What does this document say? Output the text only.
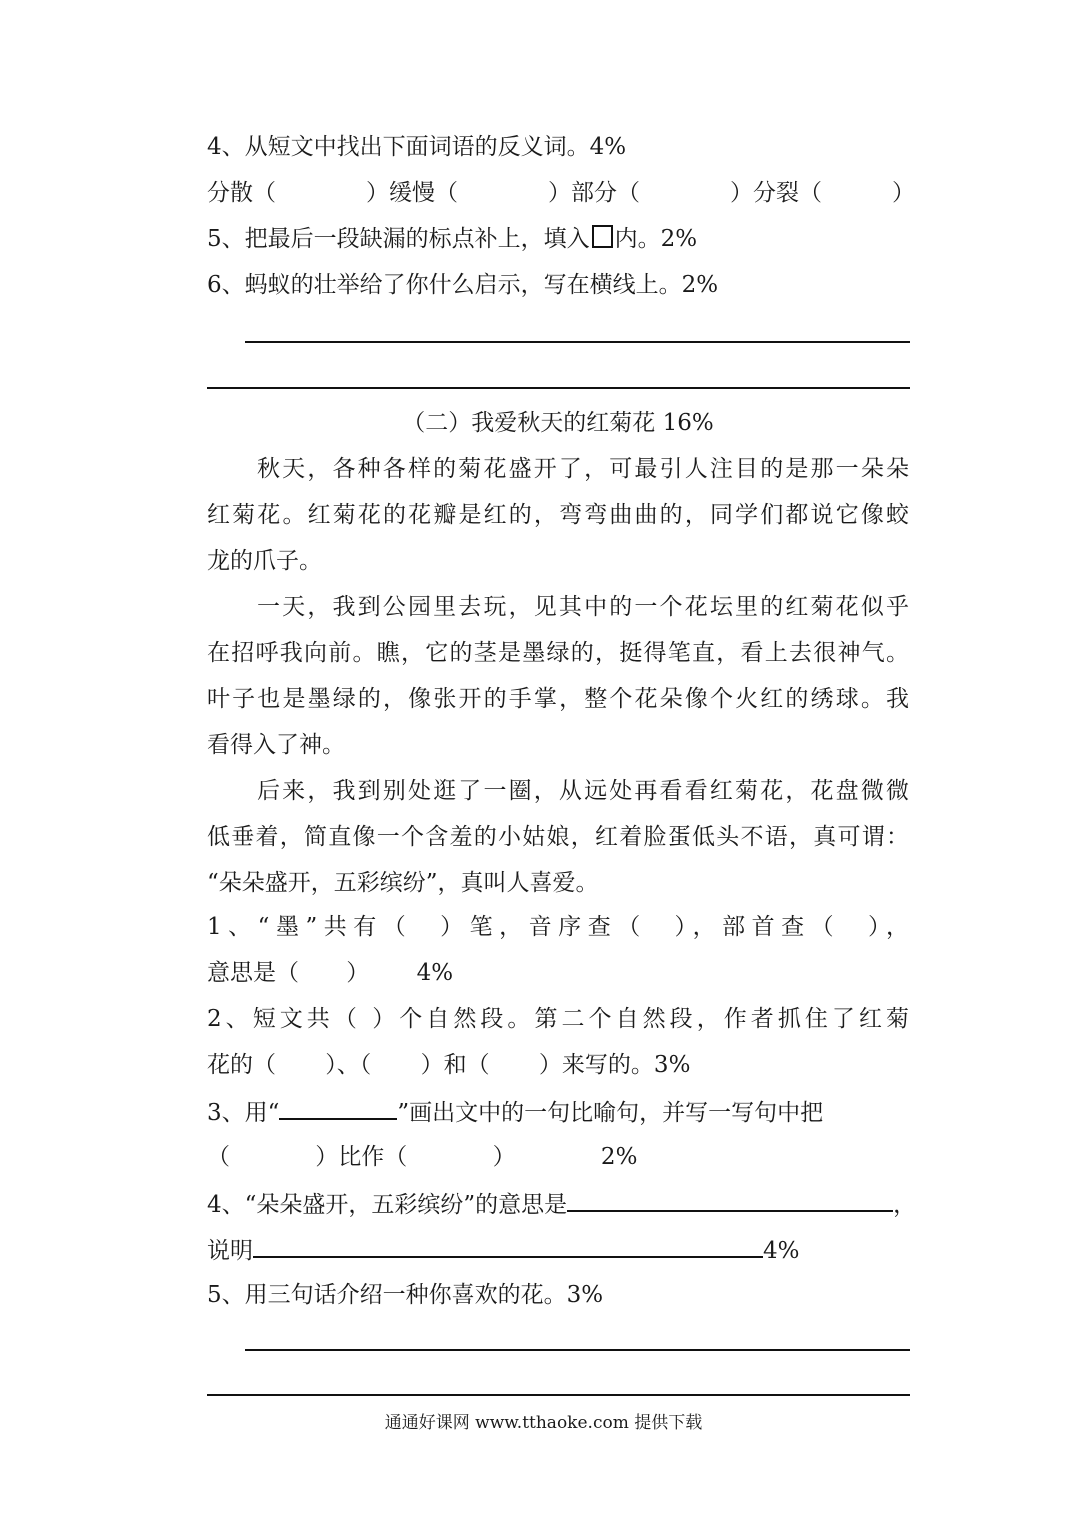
4、从短文中找出下面词语的反义词。4%
分散（	）缓慢（	）部分（	）分裂（	）
5、把最后一段缺漏的标点补上，填入 内。2%
6、蚂蚁的壮举给了你什么启示，写在横线上。2%
（二）我爱秋天的红菊花 16%
秋天，各种各样的菊花盛开了，可最引人注目的是那一朵朵
红菊花。红菊花的花瓣是红的，弯弯曲曲的，同学们都说它像蛟
龙的爪子。
一天，我到公园里去玩，见其中的一个花坛里的红菊花似乎
在招呼我向前。瞧，它的茎是墨绿的，挺得笔直，看上去很神气。
叶子也是墨绿的，像张开的手掌，整个花朵像个火红的绣球。我
看得入了神。
后来，我到别处逛了一圈，从远处再看看红菊花，花盘微微
低垂着，简直像一个含羞的小姑娘，红着脸蛋低头不语，真可谓：
“朵朵盛开，五彩缤纷”，真叫人喜爱。
1、“墨”共有（ ）笔，音序查（ ），部首查（ ），
意思是（ ） 4%
2、短文共（ ）个自然段。第二个自然段，作者抓住了红菊
花的（ ）、（ ）和（ ）来写的。3%
3、用“	”画出文中的一句比喻句，并写一写句中把
（ ）比作（ ） 2%
4、“朵朵盛开，五彩缤纷”的意思是	，
说明	4%
5、用三句话介绍一种你喜欢的花。3%
通通好课网 www.tthaoke.com 提供下载
